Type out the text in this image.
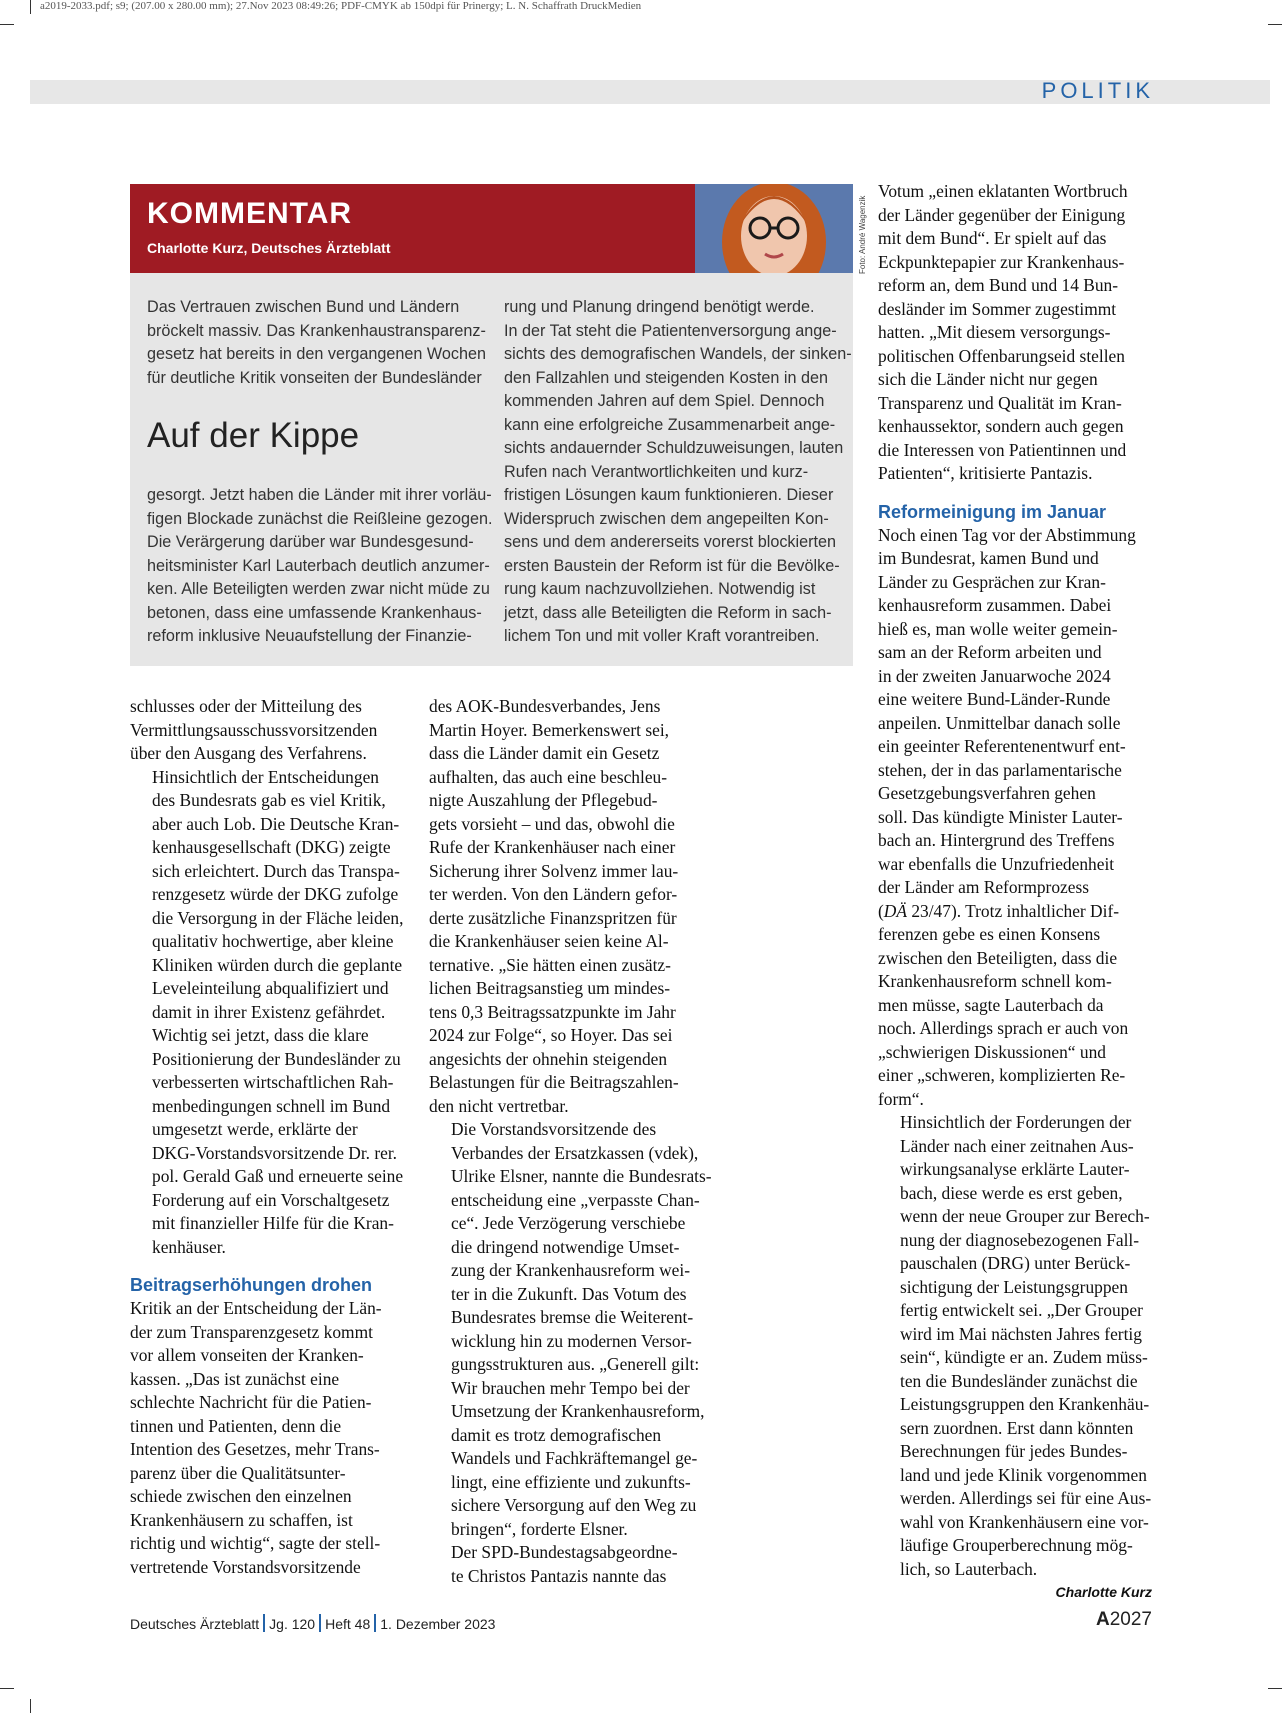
a2019-2033.pdf; s9; (207.00 x 280.00 mm); 27.Nov 2023 08:49:26; PDF-CMYK ab 150dpi für Prinergy; L. N. Schaffrath DruckMedien
POLITIK
KOMMENTAR
Charlotte Kurz, Deutsches Ärzteblatt	Foto: André Wagenzik
Das Vertrauen zwischen Bund und Ländern
bröckelt massiv. Das Krankenhaustransparenz-
gesetz hat bereits in den vergangenen Wochen
für deutliche Kritik vonseiten der Bundesländer
Auf der Kippe
gesorgt. Jetzt haben die Länder mit ihrer vorläu-
figen Blockade zunächst die Reißleine gezogen.
Die Verärgerung darüber war Bundesgesund-
heitsminister Karl Lauterbach deutlich anzumer-
ken. Alle Beteiligten werden zwar nicht müde zu
betonen, dass eine umfassende Krankenhaus-
reform inklusive Neuaufstellung der Finanzie-
rung und Planung dringend benötigt werde.
In der Tat steht die Patientenversorgung ange-
sichts des demografischen Wandels, der sinken-
den Fallzahlen und steigenden Kosten in den
kommenden Jahren auf dem Spiel. Dennoch
kann eine erfolgreiche Zusammenarbeit ange-
sichts andauernder Schuldzuweisungen, lauten
Rufen nach Verantwortlichkeiten und kurz-
fristigen Lösungen kaum funktionieren. Dieser
Widerspruch zwischen dem angepeilten Kon-
sens und dem andererseits vorerst blockierten
ersten Baustein der Reform ist für die Bevölke-
rung kaum nachzuvollziehen. Notwendig ist
jetzt, dass alle Beteiligten die Reform in sach-
lichem Ton und mit voller Kraft vorantreiben.

schlusses oder der Mitteilung des
Vermittlungsausschussvorsitzenden
über den Ausgang des Verfahrens.

Hinsichtlich der Entscheidungen
des Bundesrats gab es viel Kritik,
aber auch Lob. Die Deutsche Kran-
kenhausgesellschaft (DKG) zeigte
sich erleichtert. Durch das Transpa-
renzgesetz würde der DKG zufolge
die Versorgung in der Fläche leiden,
qualitativ hochwertige, aber kleine
Kliniken würden durch die geplante
Leveleinteilung abqualifiziert und
damit in ihrer Existenz gefährdet.
Wichtig sei jetzt, dass die klare
Positionierung der Bundesländer zu
verbesserten wirtschaftlichen Rah-
menbedingungen schnell im Bund
umgesetzt werde, erklärte der
DKG-Vorstandsvorsitzende Dr. rer.
pol. Gerald Gaß und erneuerte seine
Forderung auf ein Vorschaltgesetz
mit finanzieller Hilfe für die Kran-
kenhäuser.

Beitragserhöhungen drohen

Kritik an der Entscheidung der Län-
der zum Transparenzgesetz kommt
vor allem vonseiten der Kranken-
kassen. „Das ist zunächst eine
schlechte Nachricht für die Patien-
tinnen und Patienten, denn die
Intention des Gesetzes, mehr Trans-
parenz über die Qualitätsunter-
schiede zwischen den einzelnen
Krankenhäusern zu schaffen, ist
richtig und wichtig“, sagte der stell-
vertretende Vorstandsvorsitzende

des AOK-Bundesverbandes, Jens
Martin Hoyer. Bemerkenswert sei,
dass die Länder damit ein Gesetz
aufhalten, das auch eine beschleu-
nigte Auszahlung der Pflegebud-
gets vorsieht – und das, obwohl die
Rufe der Krankenhäuser nach einer
Sicherung ihrer Solvenz immer lau-
ter werden. Von den Ländern gefor-
derte zusätzliche Finanzspritzen für
die Krankenhäuser seien keine Al-
ternative. „Sie hätten einen zusätz-
lichen Beitragsanstieg um mindes-
tens 0,3 Beitragssatzpunkte im Jahr
2024 zur Folge“, so Hoyer. Das sei
angesichts der ohnehin steigenden
Belastungen für die Beitragszahlen-
den nicht vertretbar.

Die Vorstandsvorsitzende des
Verbandes der Ersatzkassen (vdek),
Ulrike Elsner, nannte die Bundesrats-
entscheidung eine „verpasste Chan-
ce“. Jede Verzögerung verschiebe
die dringend notwendige Umset-
zung der Krankenhausreform wei-
ter in die Zukunft. Das Votum des
Bundesrates bremse die Weiterent-
wicklung hin zu modernen Versor-
gungsstrukturen aus. „Generell gilt:
Wir brauchen mehr Tempo bei der
Umsetzung der Krankenhausreform,
damit es trotz demografischen
Wandels und Fachkräftemangel ge-
lingt, eine effiziente und zukunfts-
sichere Versorgung auf den Weg zu
bringen“, forderte Elsner.

Der SPD-Bundestagsabgeordne-
te Christos Pantazis nannte das

Votum „einen eklatanten Wortbruch
der Länder gegenüber der Einigung
mit dem Bund“. Er spielt auf das
Eckpunktepapier zur Krankenhaus-
reform an, dem Bund und 14 Bun-
desländer im Sommer zugestimmt
hatten. „Mit diesem versorgungs-
politischen Offenbarungseid stellen
sich die Länder nicht nur gegen
Transparenz und Qualität im Kran-
kenhaussektor, sondern auch gegen
die Interessen von Patientinnen und
Patienten“, kritisierte Pantazis.

Reformeinigung im Januar

Noch einen Tag vor der Abstimmung
im Bundesrat, kamen Bund und
Länder zu Gesprächen zur Kran-
kenhausreform zusammen. Dabei
hieß es, man wolle weiter gemein-
sam an der Reform arbeiten und
in der zweiten Januarwoche 2024
eine weitere Bund-Länder-Runde
anpeilen. Unmittelbar danach solle
ein geeinter Referentenentwurf ent-
stehen, der in das parlamentarische
Gesetzgebungsverfahren gehen
soll. Das kündigte Minister Lauter-
bach an. Hintergrund des Treffens
war ebenfalls die Unzufriedenheit
der Länder am Reformprozess
(DÄ 23/47). Trotz inhaltlicher Dif-
ferenzen gebe es einen Konsens
zwischen den Beteiligten, dass die
Krankenhausreform schnell kom-
men müsse, sagte Lauterbach da
noch. Allerdings sprach er auch von
„schwierigen Diskussionen“ und
einer „schweren, komplizierten Re-
form“.

Hinsichtlich der Forderungen der
Länder nach einer zeitnahen Aus-
wirkungsanalyse erklärte Lauter-
bach, diese werde es erst geben,
wenn der neue Grouper zur Berech-
nung der diagnosebezogenen Fall-
pauschalen (DRG) unter Berück-
sichtigung der Leistungsgruppen
fertig entwickelt sei. „Der Grouper
wird im Mai nächsten Jahres fertig
sein“, kündigte er an. Zudem müss-
ten die Bundesländer zunächst die
Leistungsgruppen den Krankenhäu-
sern zuordnen. Erst dann könnten
Berechnungen für jedes Bundes-
land und jede Klinik vorgenommen
werden. Allerdings sei für eine Aus-
wahl von Krankenhäusern eine vor-
läufige Grouperberechnung mög-
lich, so Lauterbach.
Charlotte Kurz

Deutsches Ärzteblatt Jg. 120 Heft 48 1. Dezember 2023	A2027
